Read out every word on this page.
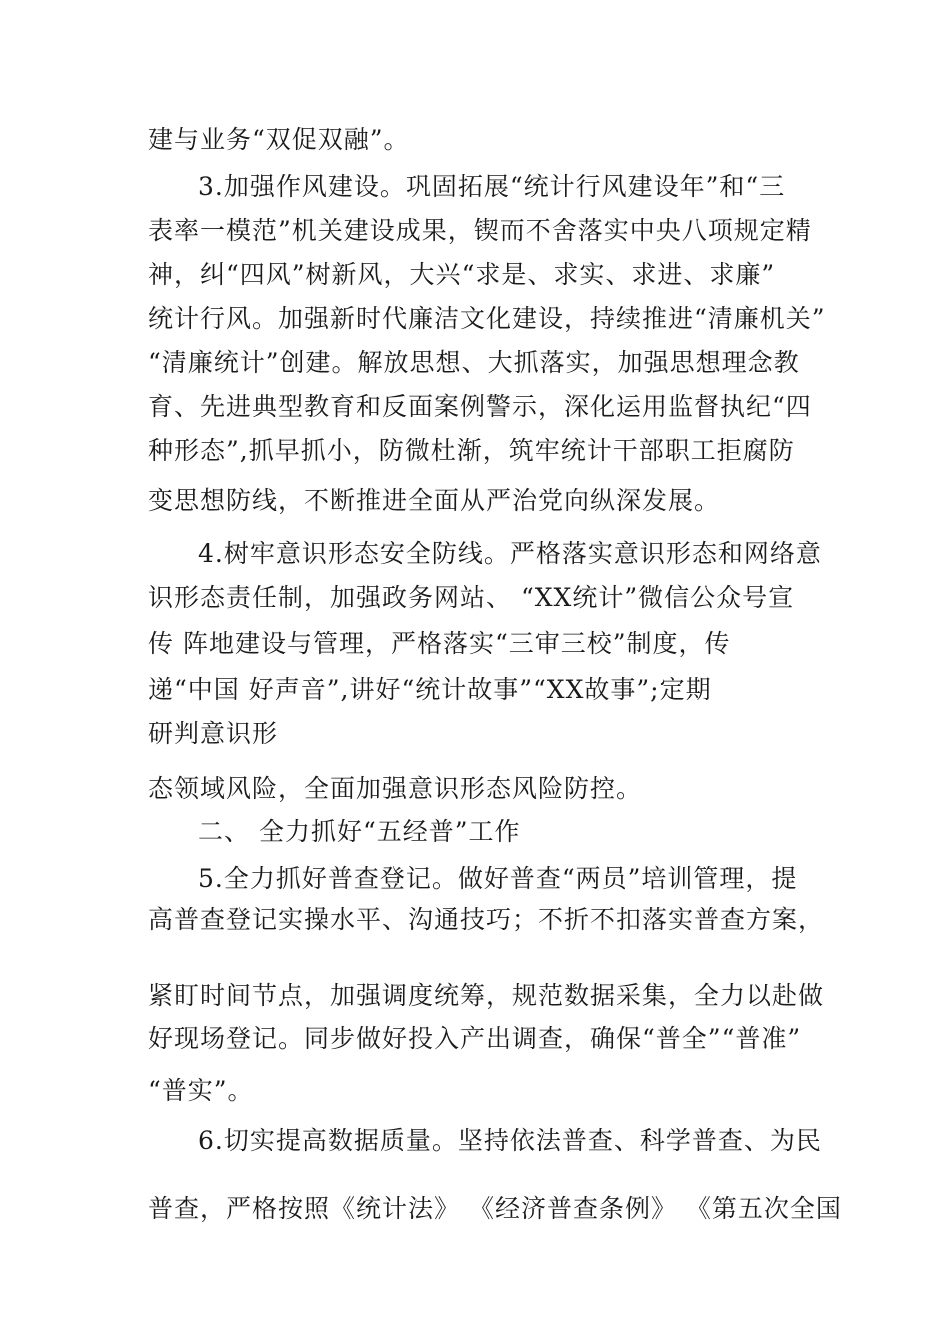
建与业务“双促双融”。
3.加强作风建设。巩固拓展“统计行风建设年”和“三
表率一模范”机关建设成果，锲而不舍落实中央八项规定精
神，纠“四风”树新风，大兴“求是、求实、求进、求廉”
统计行风。加强新时代廉洁文化建设，持续推进“清廉机关”
“清廉统计”创建。解放思想、大抓落实，加强思想理念教
育、先进典型教育和反面案例警示，深化运用监督执纪“四
种形态”,抓早抓小，防微杜渐，筑牢统计干部职工拒腐防
变思想防线，不断推进全面从严治党向纵深发展。
4.树牢意识形态安全防线。严格落实意识形态和网络意
识形态责任制，加强政务网站、 “XX统计”微信公众号宣
传 阵地建设与管理，严格落实“三审三校”制度，传
递“中国 好声音”,讲好“统计故事”“XX故事”;定期
研判意识形
态领域风险，全面加强意识形态风险防控。
二、 全力抓好“五经普”工作
5.全力抓好普查登记。做好普查“两员”培训管理，提
高普查登记实操水平、沟通技巧；不折不扣落实普查方案，
紧盯时间节点，加强调度统筹，规范数据采集，全力以赴做
好现场登记。同步做好投入产出调查，确保“普全”“普准”
“普实”。
6.切实提高数据质量。坚持依法普查、科学普查、为民
普查，严格按照《统计法》 《经济普查条例》 《第五次全国
